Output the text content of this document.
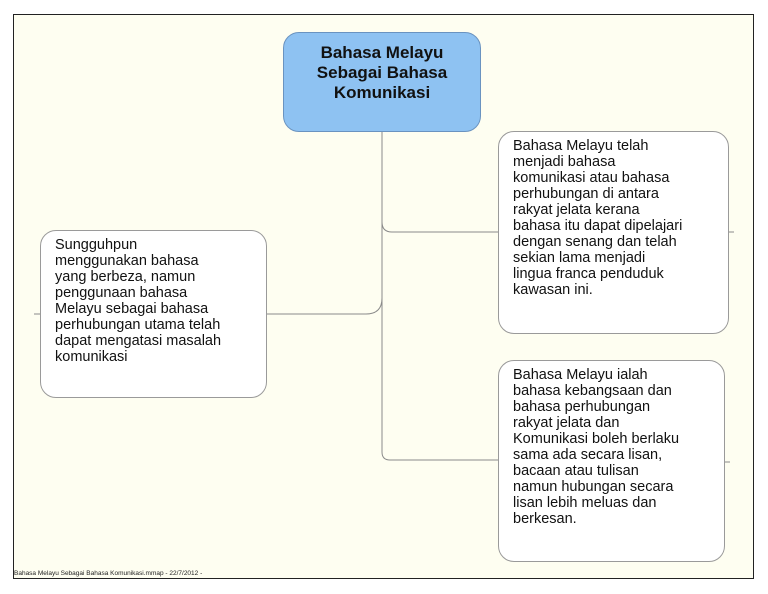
Bahasa Melayu
Sebagai Bahasa
Komunikasi
Sungguhpun
menggunakan bahasa
yang berbeza, namun
penggunaan bahasa
Melayu sebagai bahasa
perhubungan utama telah
dapat mengatasi masalah
komunikasi
Bahasa Melayu telah
menjadi bahasa
komunikasi atau bahasa
perhubungan di antara
rakyat jelata kerana
bahasa itu dapat dipelajari
dengan senang dan telah
sekian lama menjadi
lingua franca penduduk
kawasan ini.
Bahasa Melayu ialah
bahasa kebangsaan dan
bahasa perhubungan
rakyat jelata dan
Komunikasi boleh berlaku
sama ada secara lisan,
bacaan atau tulisan
namun hubungan secara
lisan lebih meluas dan
berkesan.
Bahasa Melayu Sebagai Bahasa Komunikasi.mmap - 22/7/2012 -
